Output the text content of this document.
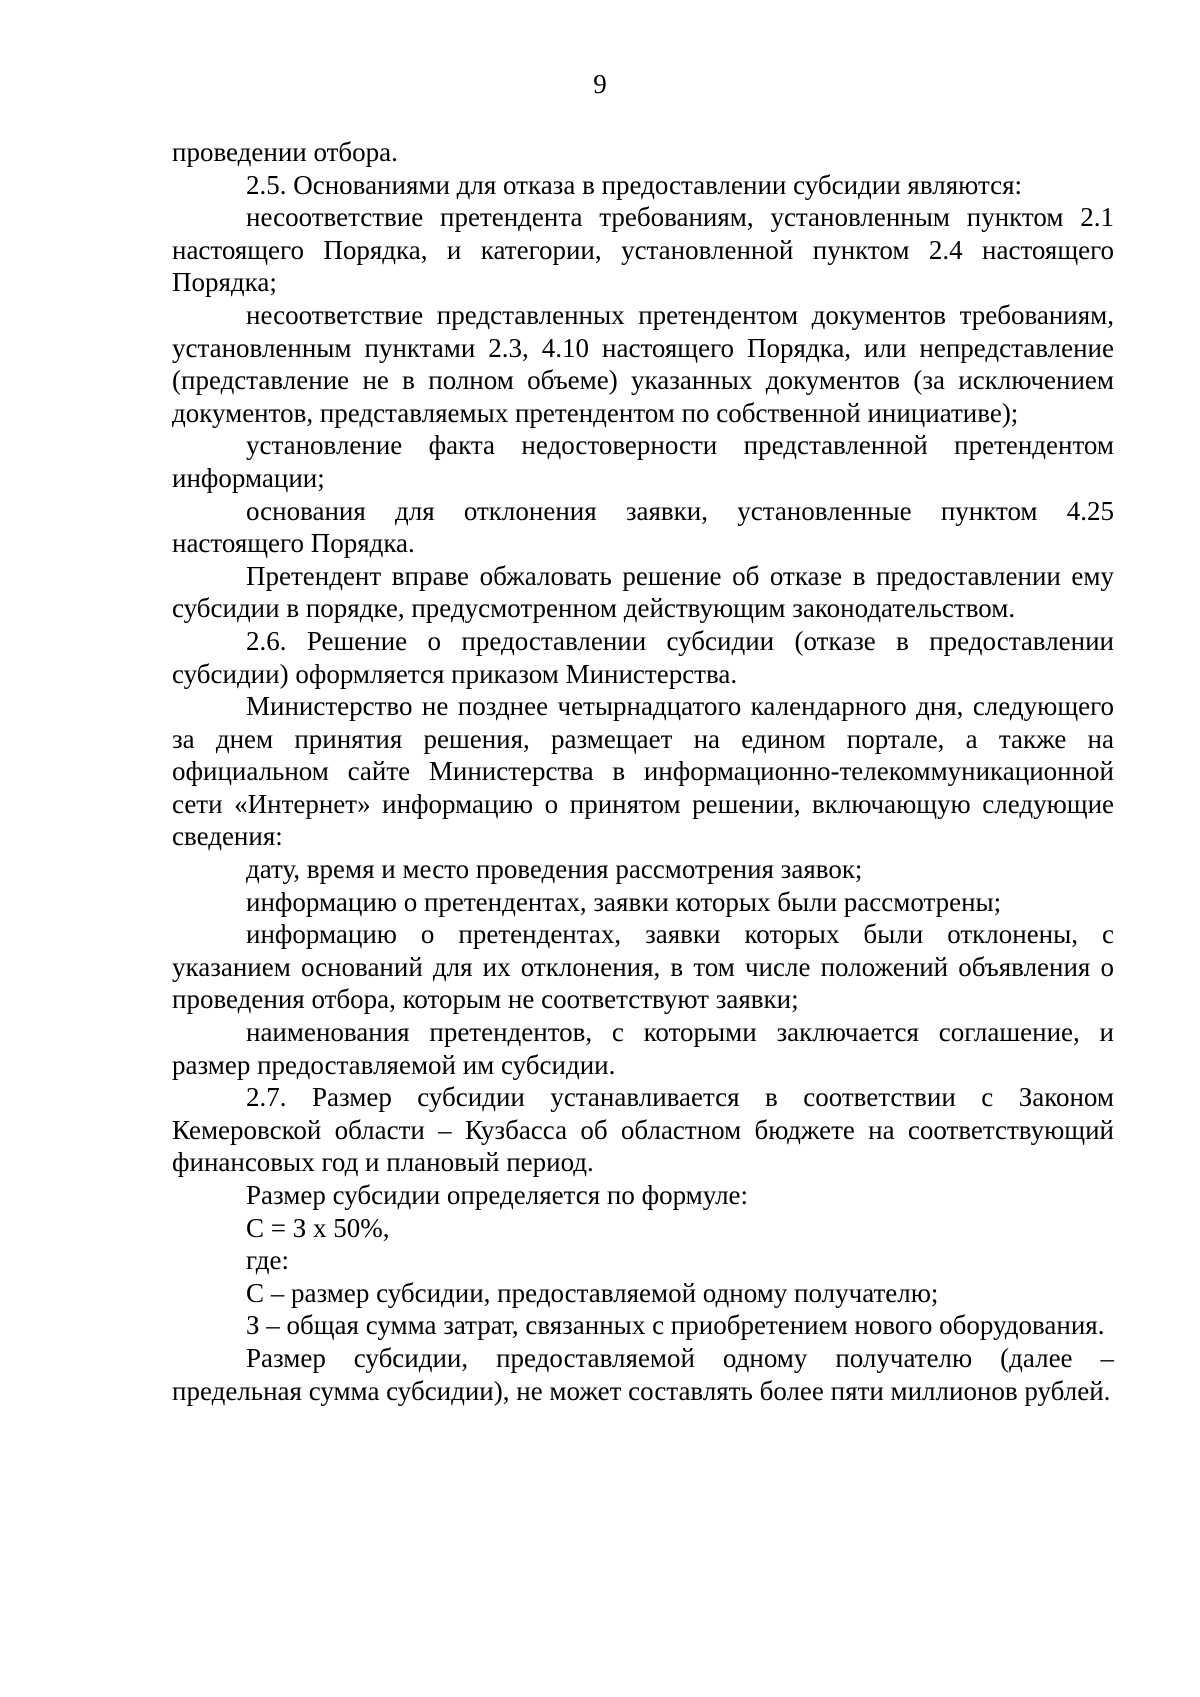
9

проведении отбора.

2.5. Основаниями для отказа в предоставлении субсидии являются:

несоответствие претендента требованиям, установленным пунктом 2.1 настоящего Порядка, и категории, установленной пунктом 2.4 настоящего Порядка;

несоответствие представленных претендентом документов требованиям, установленным пунктами 2.3, 4.10 настоящего Порядка, или непредставление (представление не в полном объеме) указанных документов (за исключением документов, представляемых претендентом по собственной инициативе);

установление факта недостоверности представленной претендентом информации;

основания для отклонения заявки, установленные пунктом 4.25 настоящего Порядка.

Претендент вправе обжаловать решение об отказе в предоставлении ему субсидии в порядке, предусмотренном действующим законодательством.

2.6. Решение о предоставлении субсидии (отказе в предоставлении субсидии) оформляется приказом Министерства.

Министерство не позднее четырнадцатого календарного дня, следующего за днем принятия решения, размещает на едином портале, а также на официальном сайте Министерства в информационно-телекоммуникационной сети «Интернет» информацию о принятом решении, включающую следующие сведения:

дату, время и место проведения рассмотрения заявок;

информацию о претендентах, заявки которых были рассмотрены;

информацию о претендентах, заявки которых были отклонены, с указанием оснований для их отклонения, в том числе положений объявления о проведения отбора, которым не соответствуют заявки;

наименования претендентов, с которыми заключается соглашение, и размер предоставляемой им субсидии.

2.7. Размер субсидии устанавливается в соответствии с Законом Кемеровской области – Кузбасса об областном бюджете на соответствующий финансовых год и плановый период.

Размер субсидии определяется по формуле:

С = З х 50%,

где:

С – размер субсидии, предоставляемой одному получателю;

З – общая сумма затрат, связанных с приобретением нового оборудования.

Размер субсидии, предоставляемой одному получателю (далее – предельная сумма субсидии), не может составлять более пяти миллионов рублей.
